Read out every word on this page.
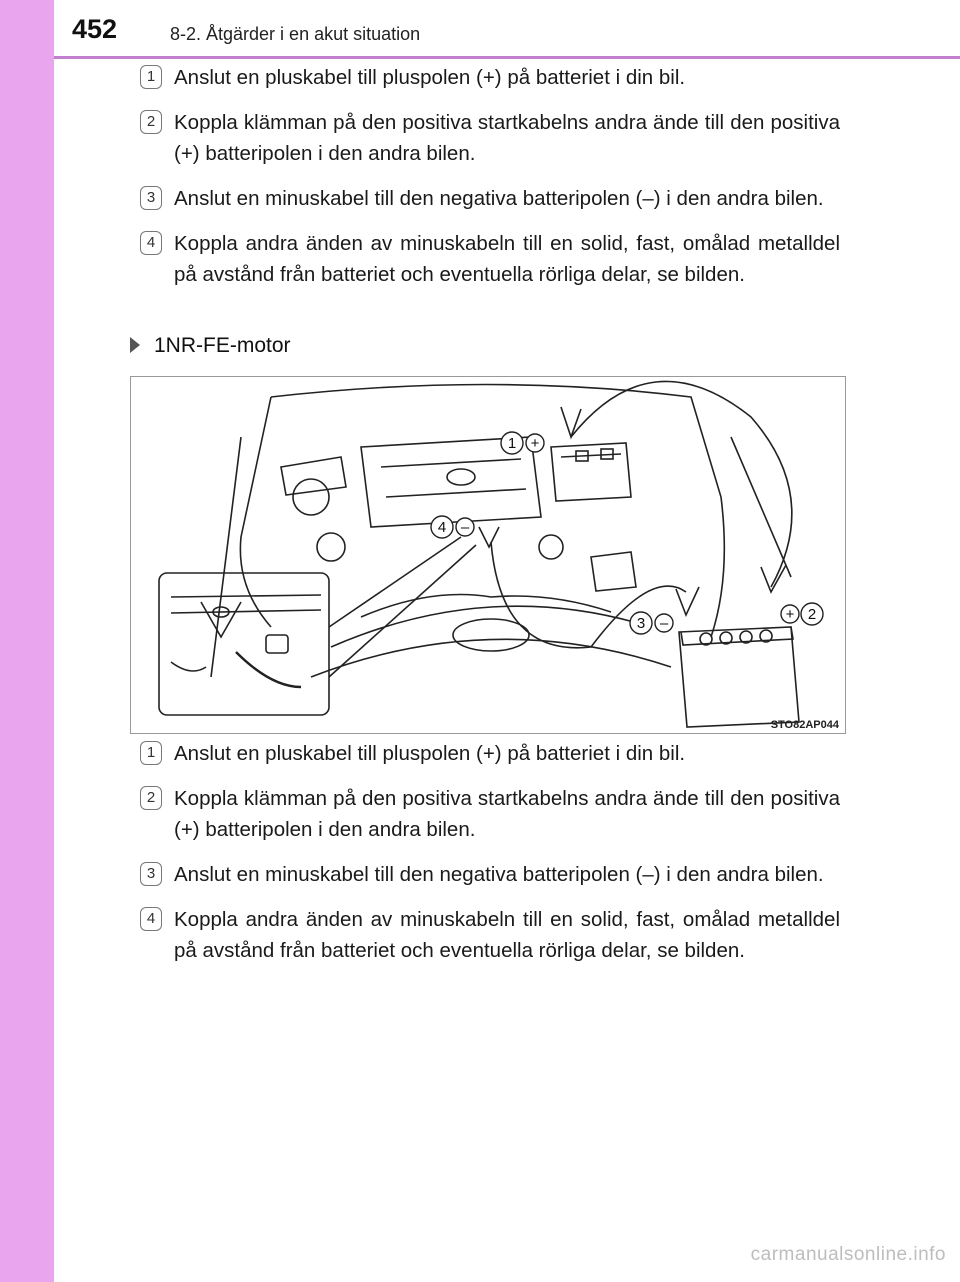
452	8-2. Åtgärder i en akut situation
1 Anslut en pluskabel till pluspolen (+) på batteriet i din bil.

2 Koppla klämman på den positiva startkabelns andra ände till den positiva (+) batteripolen i den andra bilen.

3 Anslut en minuskabel till den negativa batteripolen (–) i den andra bilen.

4 Koppla andra änden av minuskabeln till en solid, fast, omålad metalldel på avstånd från batteriet och eventuella rörliga delar, se bilden.

1NR-FE-motor
1 +
+ 2
3 –
4 –
STO82AP044
1 Anslut en pluskabel till pluspolen (+) på batteriet i din bil.

2 Koppla klämman på den positiva startkabelns andra ände till den positiva (+) batteripolen i den andra bilen.

3 Anslut en minuskabel till den negativa batteripolen (–) i den andra bilen.

4 Koppla andra änden av minuskabeln till en solid, fast, omålad metalldel på avstånd från batteriet och eventuella rörliga delar, se bilden.

carmanualsonline.info
